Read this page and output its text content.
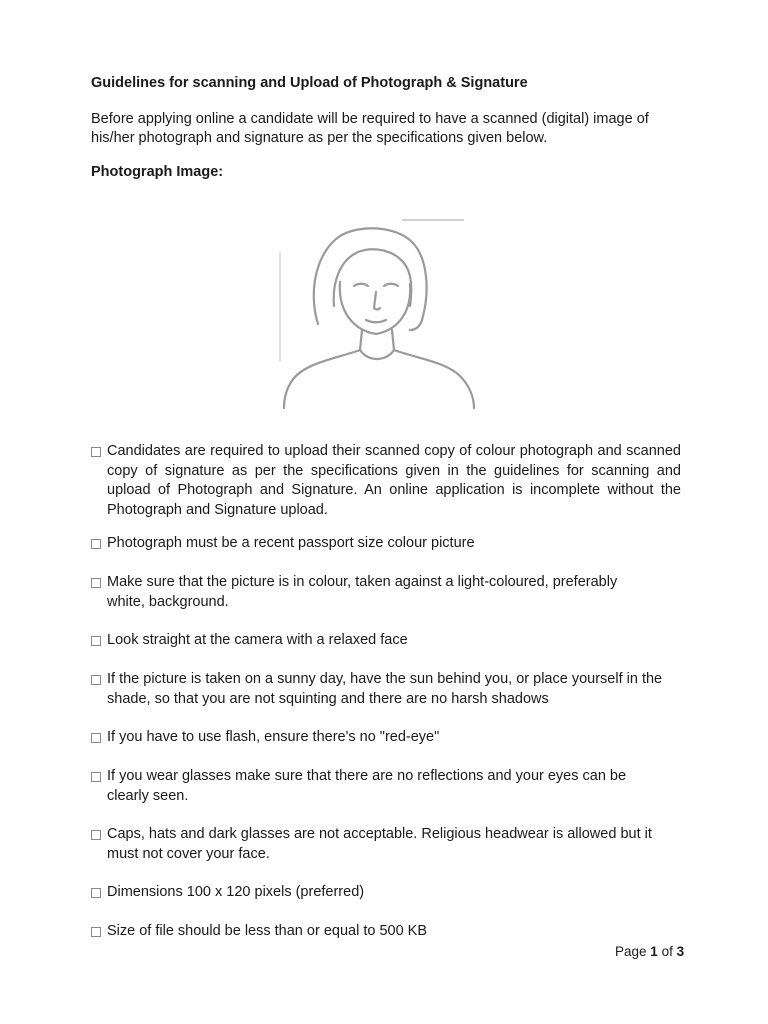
Guidelines for scanning and Upload of Photograph & Signature
Before applying online a candidate will be required to have a scanned (digital) image of his/her photograph and signature as per the specifications given below.
Photograph Image:
Candidates are required to upload their scanned copy of colour photograph and scanned copy of signature as per the specifications given in the guidelines for scanning and upload of Photograph and Signature. An online application is incomplete without the Photograph and Signature upload.
Photograph must be a recent passport size colour picture
Make sure that the picture is in colour, taken against a light-coloured, preferably white, background.
Look straight at the camera with a relaxed face
If the picture is taken on a sunny day, have the sun behind you, or place yourself in the shade, so that you are not squinting and there are no harsh shadows
If you have to use flash, ensure there's no "red-eye"
If you wear glasses make sure that there are no reflections and your eyes can be clearly seen.
Caps, hats and dark glasses are not acceptable. Religious headwear is allowed but it must not cover your face.
Dimensions 100 x 120 pixels (preferred)
Size of file should be less than or equal to 500 KB
Page 1 of 3
